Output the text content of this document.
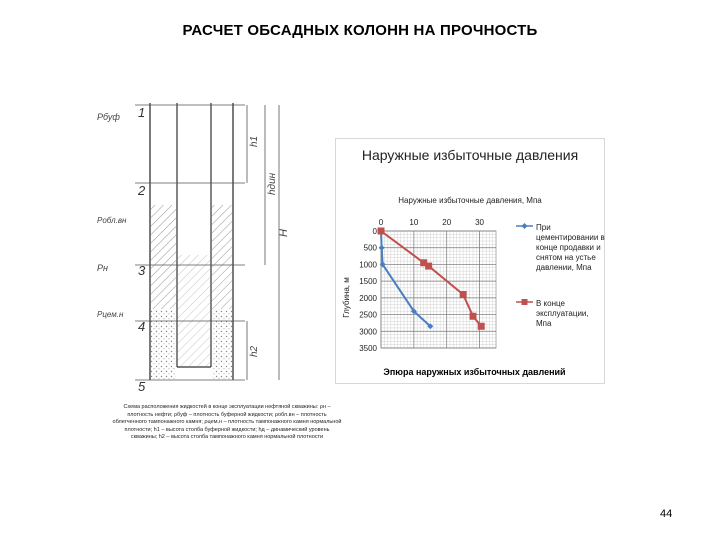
РАСЧЕТ ОБСАДНЫХ КОЛОНН НА ПРОЧНОСТЬ
1
2
3
4
5
Pбуф
Pобл.вн
Pн
Pцем.н
h1
hдин
H
h2
Наружные избыточные давления
Наружные избыточные давления, Мпа
Глубина, м
0	10	20	30
0
500
1000
1500
2000
2500
3000
3500
При цементировании в конце продавки и снятом на устье давлении, Мпа
В конце эксплуатации, Мпа
Эпюра наружных избыточных давлений
Схема расположения жидкостей в конце эксплуатации нефтяной скважины: ρн – плотность нефти; ρбуф – плотность буферной жидкости; ρобл.вн – плотность облегченного тампонажного камня; ρцем.н – плотность тампонажного камня нормальной плотности; h1 – высота столба буферной жидкости; hд – динамический уровень скважины; h2 – высота столба тампонажного камня нормальной плотности
44
